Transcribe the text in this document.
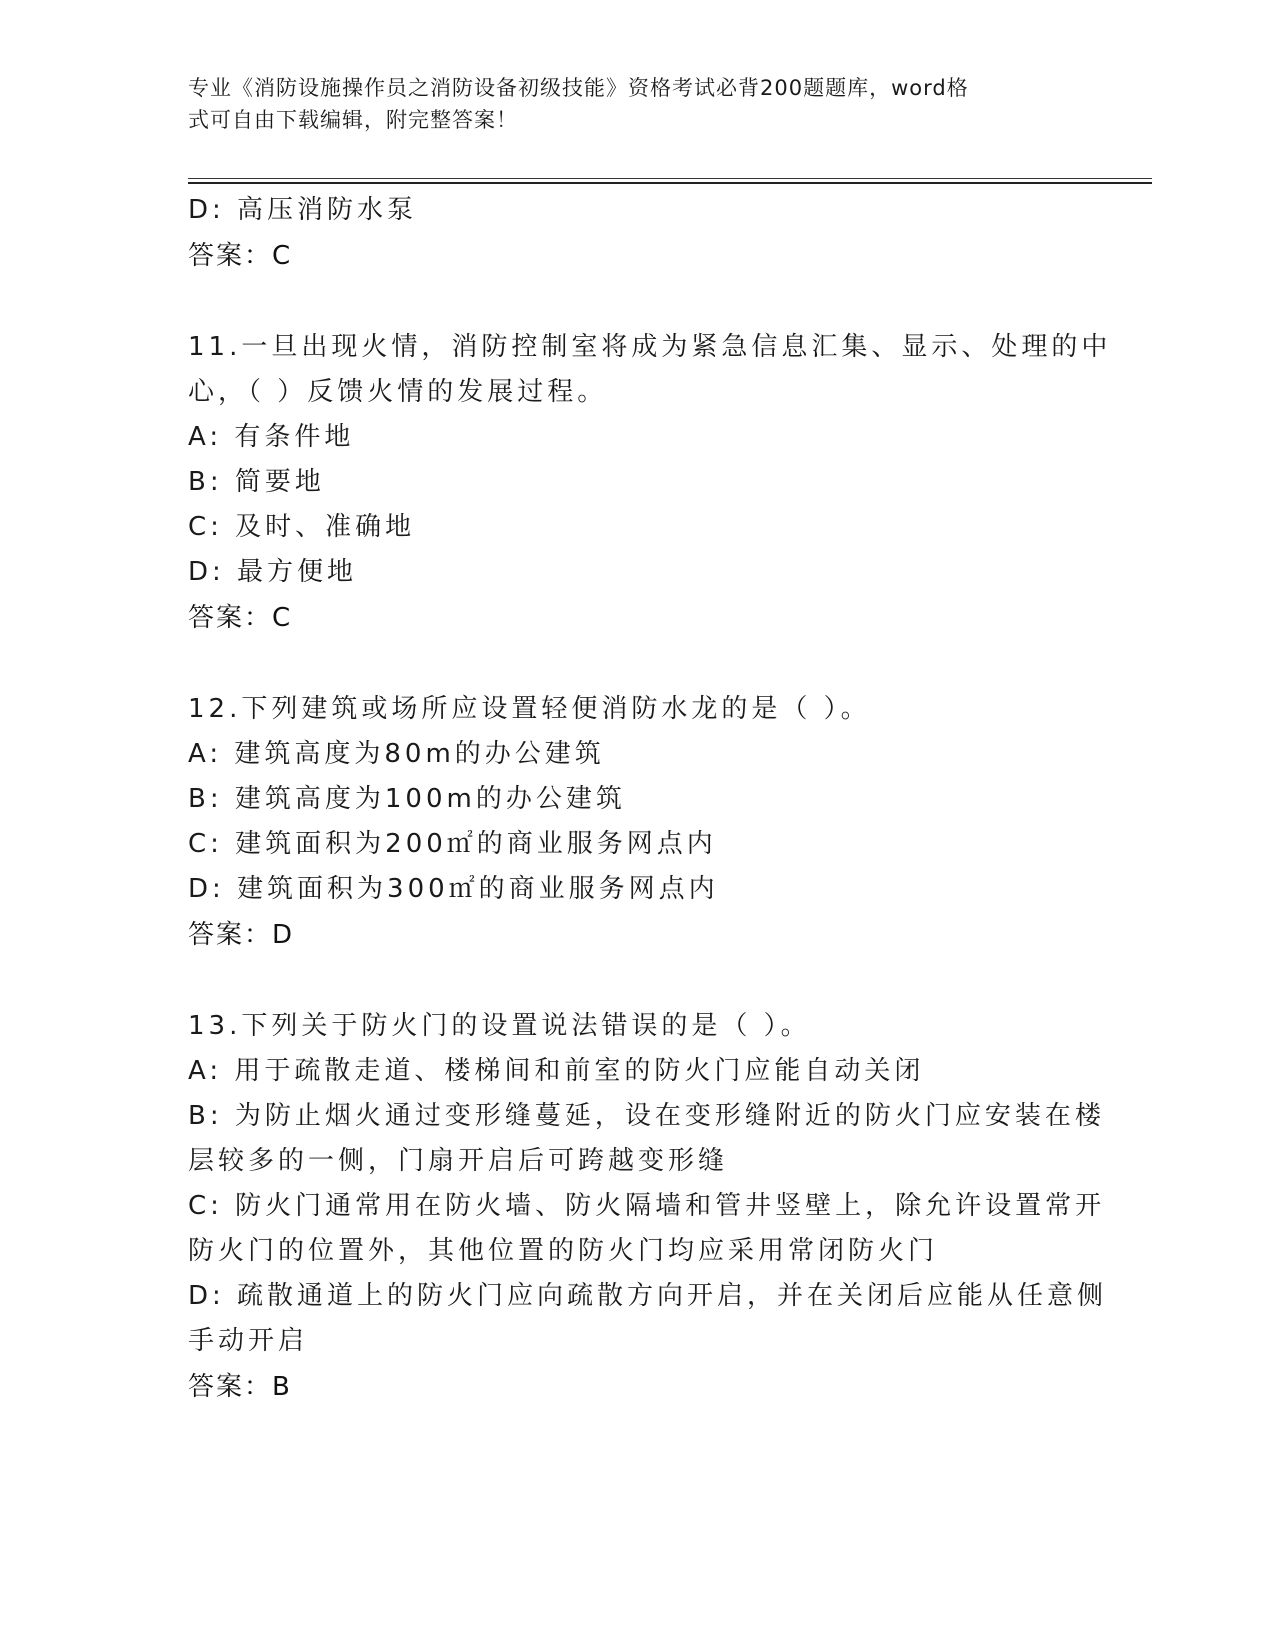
专业《消防设施操作员之消防设备初级技能》资格考试必背200题题库，word格
式可自由下载编辑，附完整答案！
D: 高压消防水泵
答案：C
11.一旦出现火情，消防控制室将成为紧急信息汇集、显示、处理的中
心，（ ）反馈火情的发展过程。
A: 有条件地
B: 简要地
C: 及时、准确地
D: 最方便地
答案：C
12.下列建筑或场所应设置轻便消防水龙的是（ ）。
A: 建筑高度为80m的办公建筑
B: 建筑高度为100m的办公建筑
C: 建筑面积为200㎡的商业服务网点内
D: 建筑面积为300㎡的商业服务网点内
答案：D
13.下列关于防火门的设置说法错误的是（ ）。
A: 用于疏散走道、楼梯间和前室的防火门应能自动关闭
B: 为防止烟火通过变形缝蔓延，设在变形缝附近的防火门应安装在楼
层较多的一侧，门扇开启后可跨越变形缝
C: 防火门通常用在防火墙、防火隔墙和管井竖壁上，除允许设置常开
防火门的位置外，其他位置的防火门均应采用常闭防火门
D: 疏散通道上的防火门应向疏散方向开启，并在关闭后应能从任意侧
手动开启
答案：B
